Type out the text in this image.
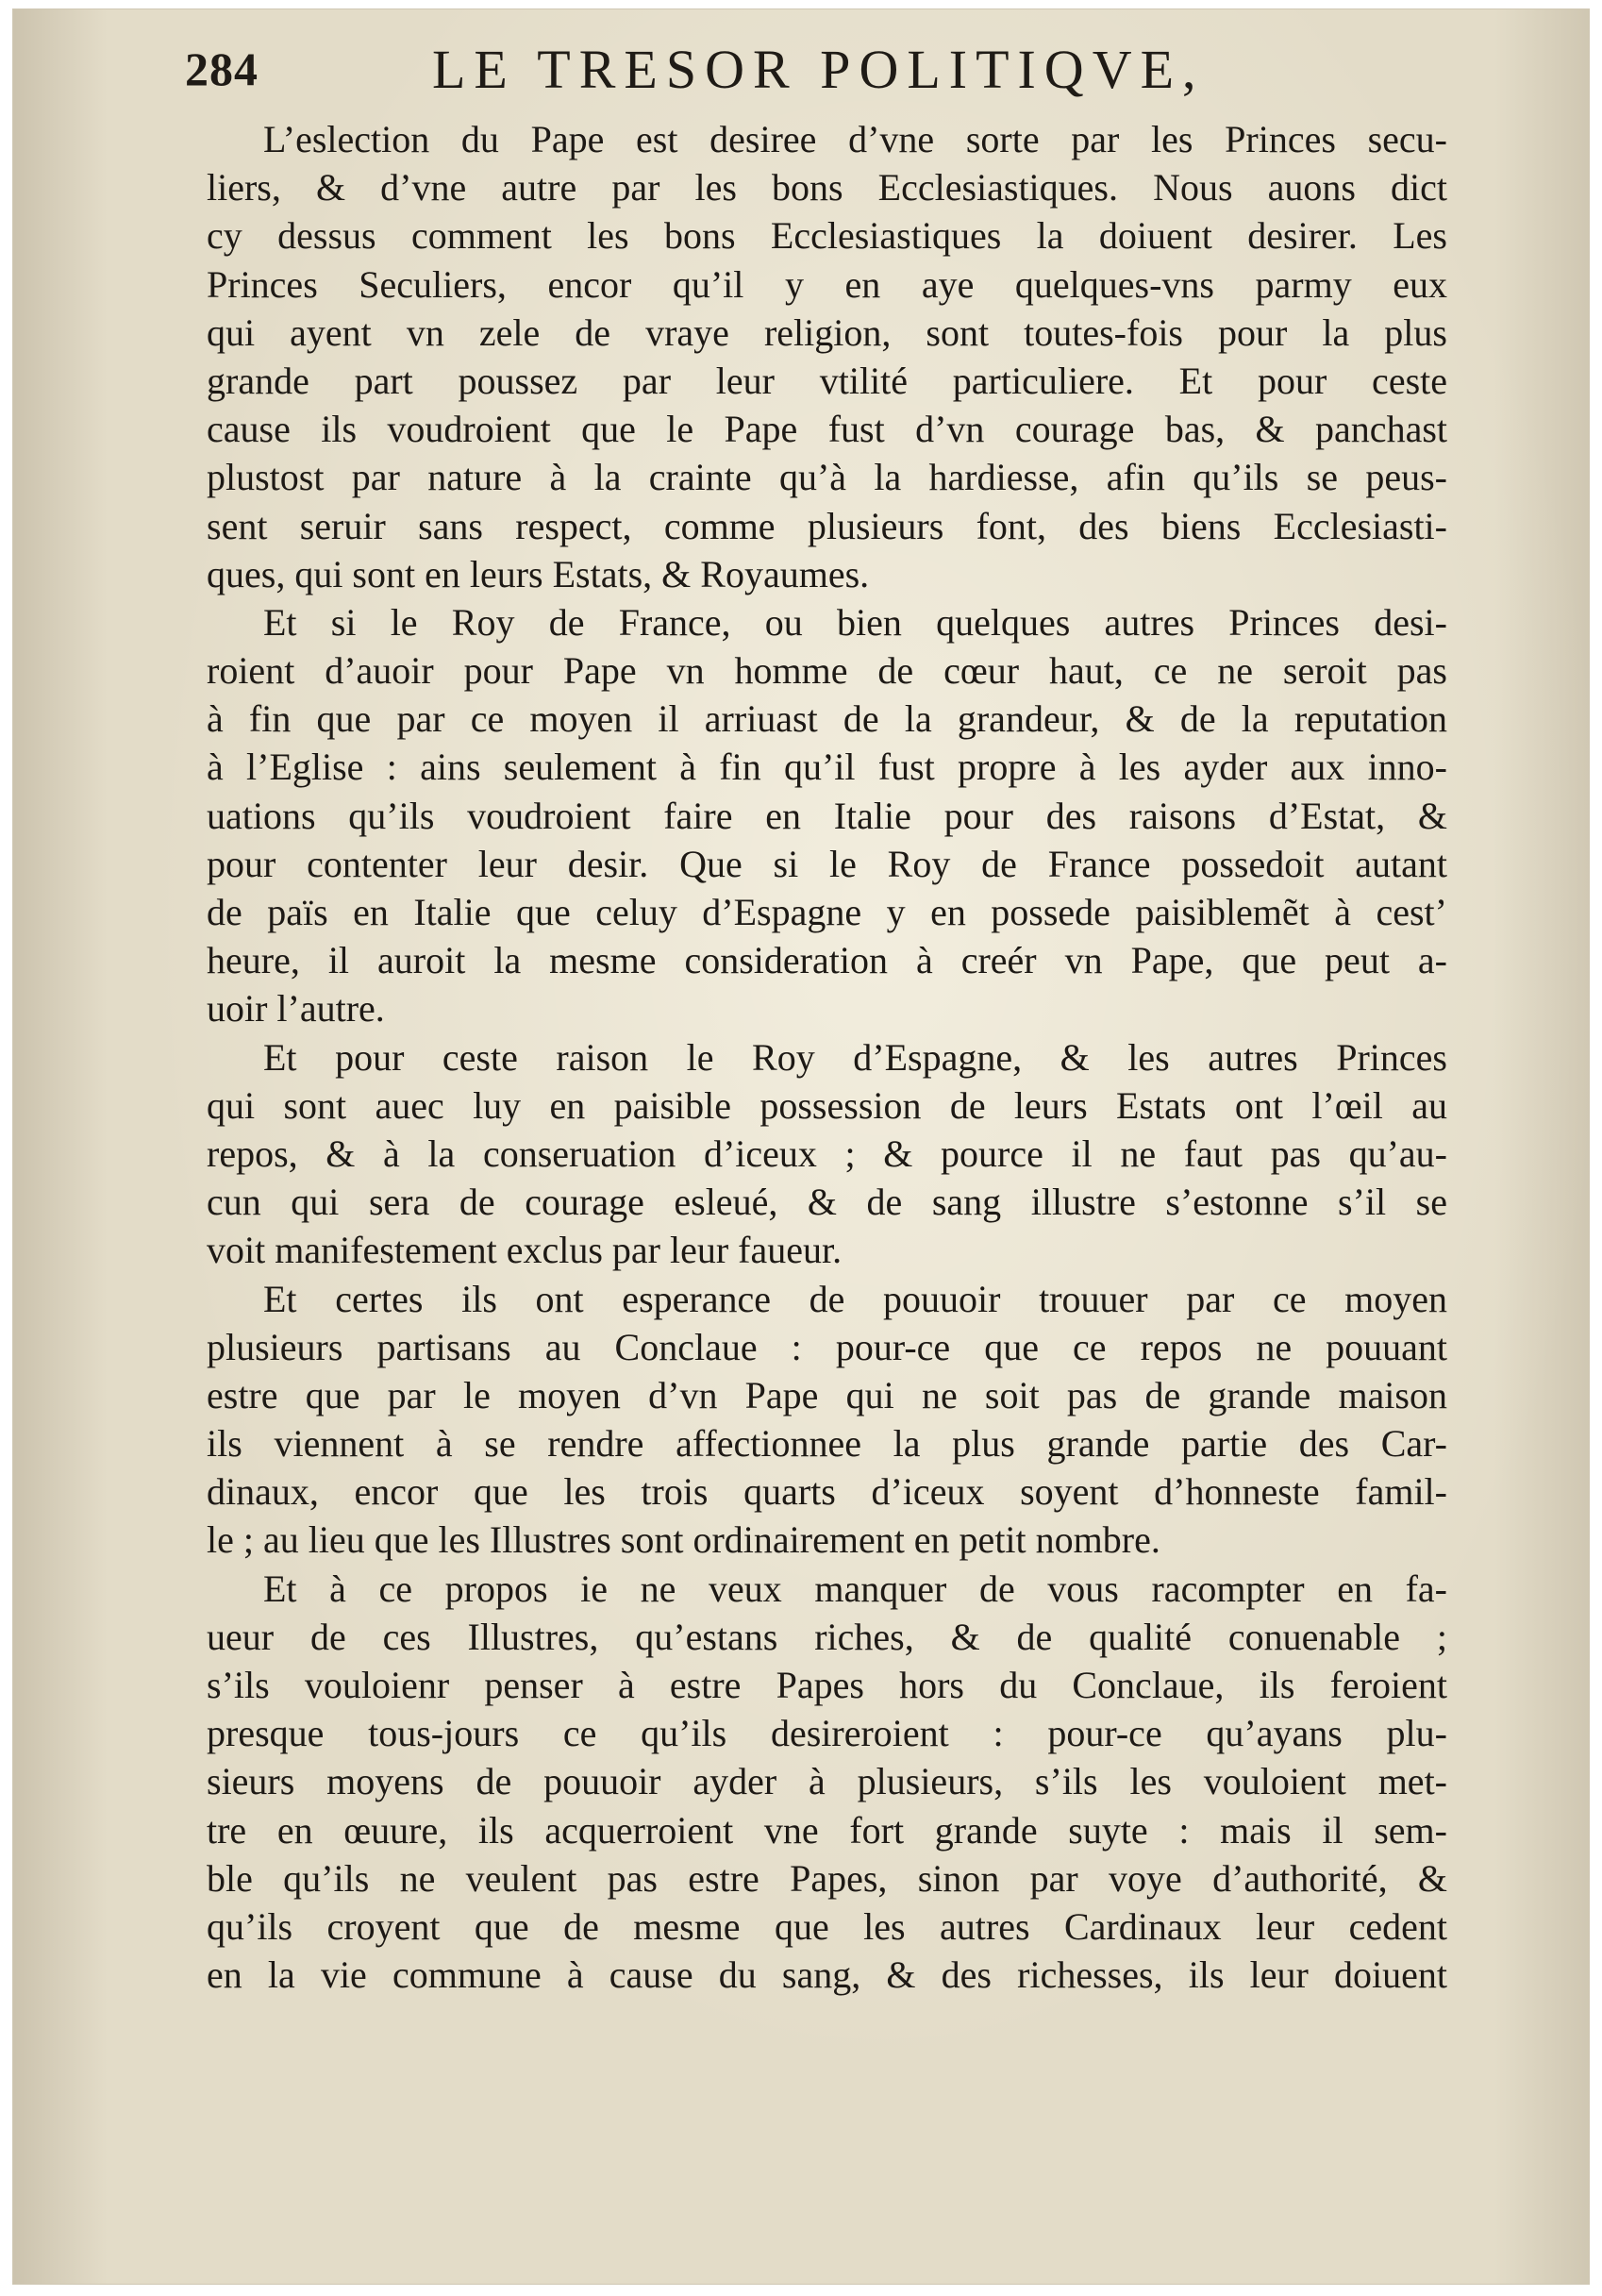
284	LE TRESOR POLITIQVE,
L’eslection du Pape est desiree d’vne sorte par les Princes secu-
liers, & d’vne autre par les bons Ecclesiastiques. Nous auons dict
cy dessus comment les bons Ecclesiastiques la doiuent desirer. Les
Princes Seculiers, encor qu’il y en aye quelques-vns parmy eux
qui ayent vn zele de vraye religion, sont toutes-fois pour la plus
grande part poussez par leur vtilité particuliere. Et pour ceste
cause ils voudroient que le Pape fust d’vn courage bas, & panchast
plustost par nature à la crainte qu’à la hardiesse, afin qu’ils se peus-
sent seruir sans respect, comme plusieurs font, des biens Ecclesiasti-
ques, qui sont en leurs Estats, & Royaumes.
Et si le Roy de France, ou bien quelques autres Princes desi-
roient d’auoir pour Pape vn homme de cœur haut, ce ne seroit pas
à fin que par ce moyen il arriuast de la grandeur, & de la reputation
à l’Eglise : ains seulement à fin qu’il fust propre à les ayder aux inno-
uations qu’ils voudroient faire en Italie pour des raisons d’Estat, &
pour contenter leur desir. Que si le Roy de France possedoit autant
de païs en Italie que celuy d’Espagne y en possede paisiblemẽt à cest’
heure, il auroit la mesme consideration à creér vn Pape, que peut a-
uoir l’autre.
Et pour ceste raison le Roy d’Espagne, & les autres Princes
qui sont auec luy en paisible possession de leurs Estats ont l’œil au
repos, & à la conseruation d’iceux ; & pource il ne faut pas qu’au-
cun qui sera de courage esleué, & de sang illustre s’estonne s’il se
voit manifestement exclus par leur faueur.
Et certes ils ont esperance de pouuoir trouuer par ce moyen
plusieurs partisans au Conclaue : pour-ce que ce repos ne pouuant
estre que par le moyen d’vn Pape qui ne soit pas de grande maison
ils viennent à se rendre affectionnee la plus grande partie des Car-
dinaux, encor que les trois quarts d’iceux soyent d’honneste famil-
le ; au lieu que les Illustres sont ordinairement en petit nombre.
Et à ce propos ie ne veux manquer de vous racompter en fa-
ueur de ces Illustres, qu’estans riches, & de qualité conuenable ;
s’ils vouloienr penser à estre Papes hors du Conclaue, ils feroient
presque tous-jours ce qu’ils desireroient : pour-ce qu’ayans plu-
sieurs moyens de pouuoir ayder à plusieurs, s’ils les vouloient met-
tre en œuure, ils acquerroient vne fort grande suyte : mais il sem-
ble qu’ils ne veulent pas estre Papes, sinon par voye d’authorité, &
qu’ils croyent que de mesme que les autres Cardinaux leur cedent
en la vie commune à cause du sang, & des richesses, ils leur doiuent
